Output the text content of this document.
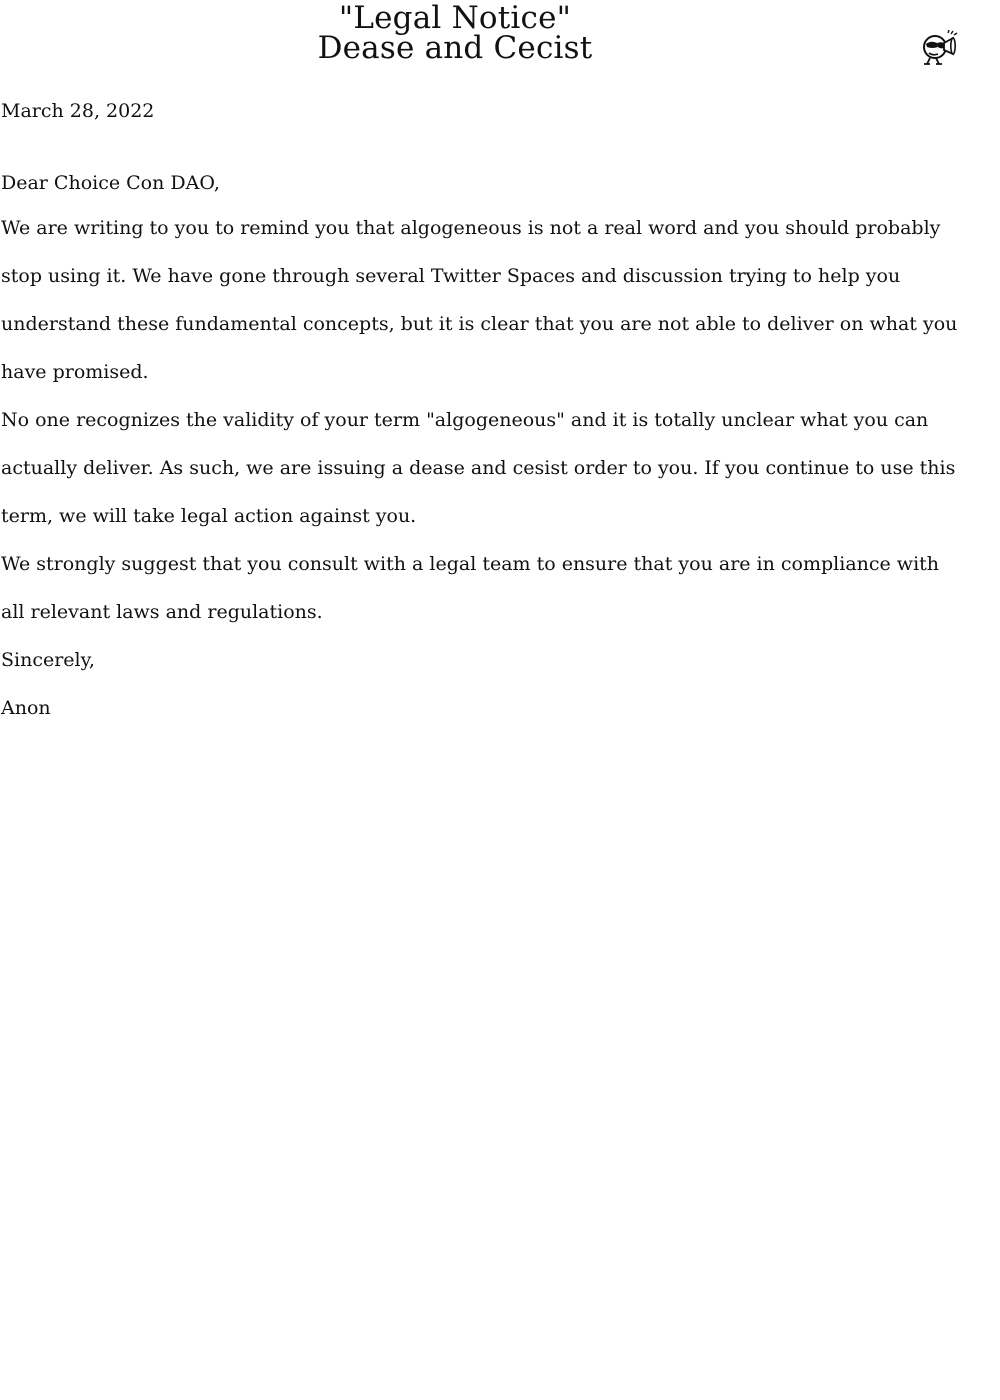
"Legal Notice"
Dease and Cecist

March 28, 2022

Dear Choice Con DAO,

We are writing to you to remind you that algogeneous is not a real word and you should probably stop using it. We have gone through several Twitter Spaces and discussion trying to help you understand these fundamental concepts, but it is clear that you are not able to deliver on what you have promised.

No one recognizes the validity of your term "algogeneous" and it is totally unclear what you can actually deliver. As such, we are issuing a dease and cesist order to you. If you continue to use this term, we will take legal action against you.

We strongly suggest that you consult with a legal team to ensure that you are in compliance with all relevant laws and regulations.

Sincerely,

Anon
